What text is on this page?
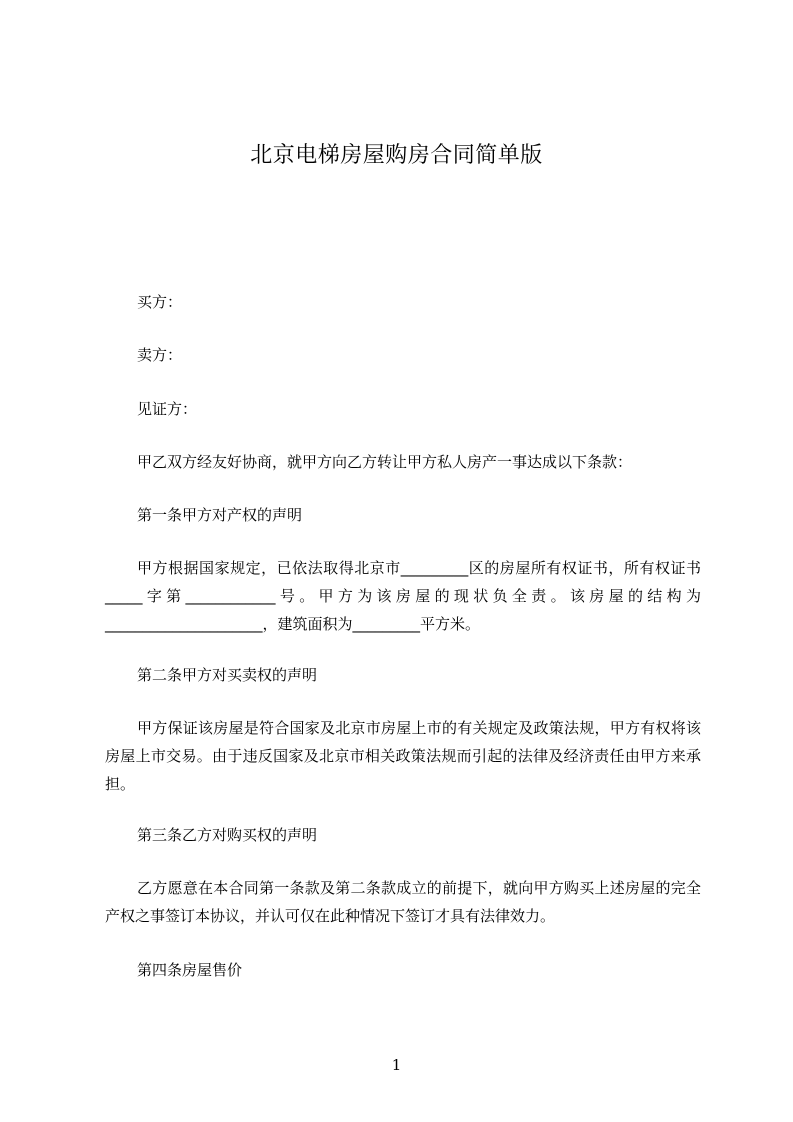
北京电梯房屋购房合同简单版
买方：
卖方：
见证方：
甲乙双方经友好协商，就甲方向乙方转让甲方私人房产一事达成以下条款：
第一条甲方对产权的声明
甲方根据国家规定，已依法取得北京市_________区的房屋所有权证书，所有权证书_____字第____________号。甲方为该房屋的现状负全责。该房屋的结构为_____________________，建筑面积为_________平方米。
第二条甲方对买卖权的声明
甲方保证该房屋是符合国家及北京市房屋上市的有关规定及政策法规，甲方有权将该房屋上市交易。由于违反国家及北京市相关政策法规而引起的法律及经济责任由甲方来承担。
第三条乙方对购买权的声明
乙方愿意在本合同第一条款及第二条款成立的前提下，就向甲方购买上述房屋的完全产权之事签订本协议，并认可仅在此种情况下签订才具有法律效力。
第四条房屋售价
1
